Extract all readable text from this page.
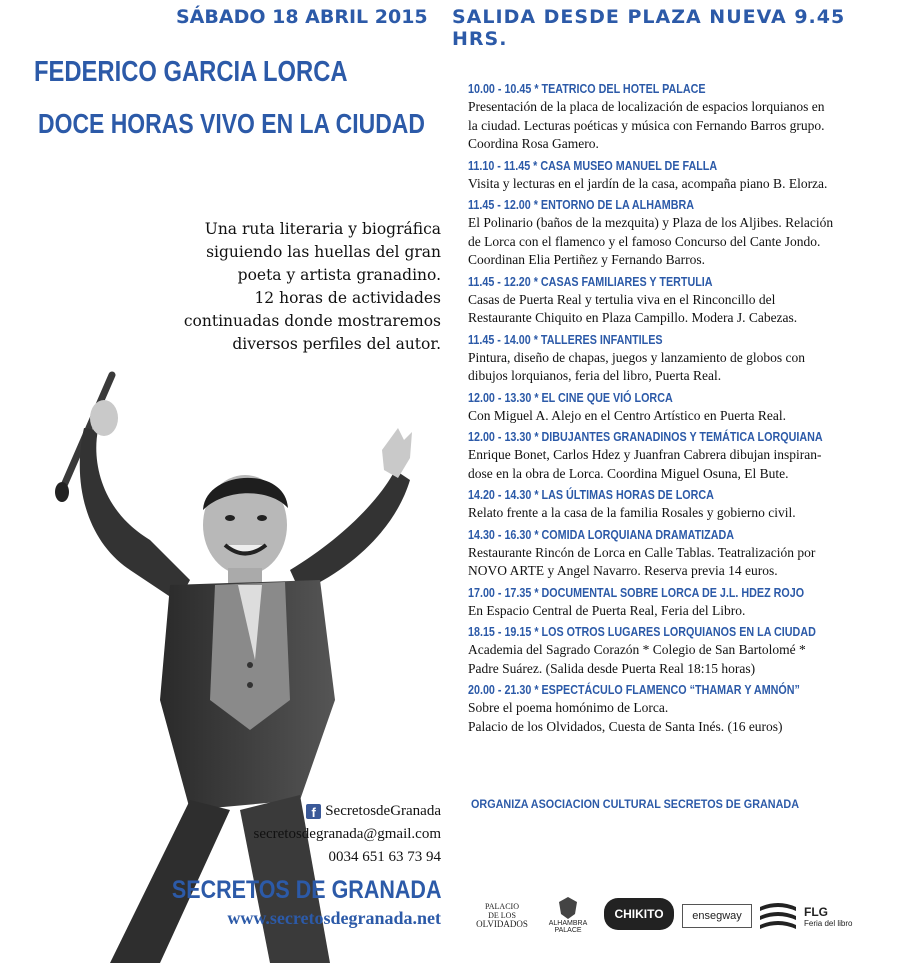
SÁBADO 18 ABRIL 2015 SALIDA DESDE PLAZA NUEVA 9.45 HRS.
FEDERICO GARCIA LORCA
DOCE HORAS VIVO EN LA CIUDAD
Una ruta literaria y biográfica
siguiendo las huellas del gran
poeta y artista granadino.
12 horas de actividades
continuadas donde mostraremos
diversos perfiles del autor.
10.00 - 10.45 * TEATRICO DEL HOTEL PALACE
Presentación de la placa de localización de espacios lorquianos en
la ciudad. Lecturas poéticas y música con Fernando Barros grupo.
Coordina Rosa Gamero.
11.10 - 11.45 * CASA MUSEO MANUEL DE FALLA
Visita y lecturas en el jardín de la casa, acompaña piano B. Elorza.
11.45 - 12.00 * ENTORNO DE LA ALHAMBRA
El Polinario (baños de la mezquita) y Plaza de los Aljibes. Relación
de Lorca con el flamenco y el famoso Concurso del Cante Jondo.
Coordinan Elia Pertiñez y Fernando Barros.
11.45 - 12.20 * CASAS FAMILIARES Y TERTULIA
Casas de Puerta Real y tertulia viva en el Rinconcillo del
Restaurante Chiquito en Plaza Campillo. Modera J. Cabezas.
11.45 - 14.00 * TALLERES INFANTILES
Pintura, diseño de chapas, juegos y lanzamiento de globos con
dibujos lorquianos, feria del libro, Puerta Real.
12.00 - 13.30 * EL CINE QUE VIÓ LORCA
Con Miguel A. Alejo en el Centro Artístico en Puerta Real.
12.00 - 13.30 * DIBUJANTES GRANADINOS Y TEMÁTICA LORQUIANA
Enrique Bonet, Carlos Hdez y Juanfran Cabrera dibujan inspiran-
dose en la obra de Lorca. Coordina Miguel Osuna, El Bute.
14.20 - 14.30 * LAS ÚLTIMAS HORAS DE LORCA
Relato frente a la casa de la familia Rosales y gobierno civil.
14.30 - 16.30 * COMIDA LORQUIANA DRAMATIZADA
Restaurante Rincón de Lorca en Calle Tablas. Teatralización por
NOVO ARTE y Angel Navarro. Reserva previa 14 euros.
17.00 - 17.35 * DOCUMENTAL SOBRE LORCA DE J.L. HDEZ ROJO
En Espacio Central de Puerta Real, Feria del Libro.
18.15 - 19.15 * LOS OTROS LUGARES LORQUIANOS EN LA CIUDAD
Academia del Sagrado Corazón * Colegio de San Bartolomé *
Padre Suárez. (Salida desde Puerta Real 18:15 horas)
20.00 - 21.30 * ESPECTÁCULO FLAMENCO “THAMAR Y AMNÓN”
Sobre el poema homónimo de Lorca.
Palacio de los Olvidados, Cuesta de Santa Inés. (16 euros)
ORGANIZA ASOCIACION CULTURAL SECRETOS DE GRANADA
f SecretosdeGranada
secretosdegranada@gmail.com
0034 651 63 73 94
SECRETOS DE GRANADA
www.secretosdegranada.net
PALACIO
DE LOS
OLVIDADOS	ALHAMBRA PALACE
CHIKITO	ensegway	FLG
Feria del libro
